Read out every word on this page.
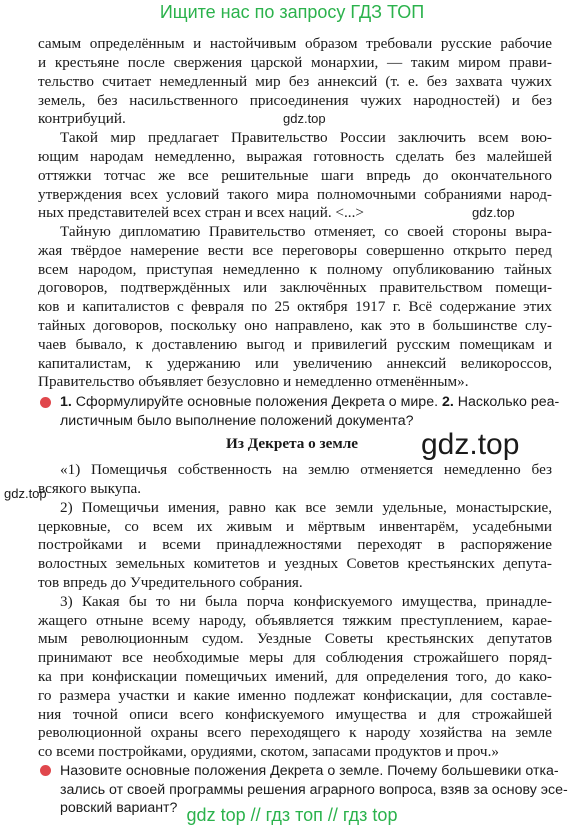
Ищите нас по запросу ГДЗ ТОП
самым определённым и настойчивым образом требовали русские рабочие
и крестьяне после свержения царской монархии, — таким миром прави-
тельство считает немедленный мир без аннексий (т. е. без захвата чужих
земель, без насильственного присоединения чужих народностей) и без
контрибуций.	gdz.top
Такой мир предлагает Правительство России заключить всем вою-
ющим народам немедленно, выражая готовность сделать без малейшей
оттяжки тотчас же все решительные шаги впредь до окончательного
утверждения всех условий такого мира полномочными собраниями народ-
ных представителей всех стран и всех наций. <...>	gdz.top
Тайную дипломатию Правительство отменяет, со своей стороны выра-
жая твёрдое намерение вести все переговоры совершенно открыто перед
всем народом, приступая немедленно к полному опубликованию тайных
договоров, подтверждённых или заключённых правительством помещи-
ков и капиталистов с февраля по 25 октября 1917 г. Всё содержание этих
тайных договоров, поскольку оно направлено, как это в большинстве слу-
чаев бывало, к доставлению выгод и привилегий русским помещикам и
капиталистам, к удержанию или увеличению аннексий великороссов,
Правительство объявляет безусловно и немедленно отменённым».
1. Сформулируйте основные положения Декрета о мире. 2. Насколько реа-
листичным было выполнение положений документа?
gdz.top
Из Декрета о земле
«1) Помещичья собственность на землю отменяется немедленно без
всякого выкупа.
gdz.top
2) Помещичьи имения, равно как все земли удельные, монастырские,
церковные, со всем их живым и мёртвым инвентарём, усадебными
постройками и всеми принадлежностями переходят в распоряжение
волостных земельных комитетов и уездных Советов крестьянских депута-
тов впредь до Учредительного собрания.
3) Какая бы то ни была порча конфискуемого имущества, принадле-
жащего отныне всему народу, объявляется тяжким преступлением, карае-
мым революционным судом. Уездные Советы крестьянских депутатов
принимают все необходимые меры для соблюдения строжайшего поряд-
ка при конфискации помещичьих имений, для определения того, до како-
го размера участки и какие именно подлежат конфискации, для составле-
ния точной описи всего конфискуемого имущества и для строжайшей
революционной охраны всего переходящего к народу хозяйства на земле
со всеми постройками, орудиями, скотом, запасами продуктов и проч.»
Назовите основные положения Декрета о земле. Почему большевики отка-
зались от своей программы решения аграрного вопроса, взяв за основу эсе-
ровский вариант? gdz top // гдз топ // гдз top
